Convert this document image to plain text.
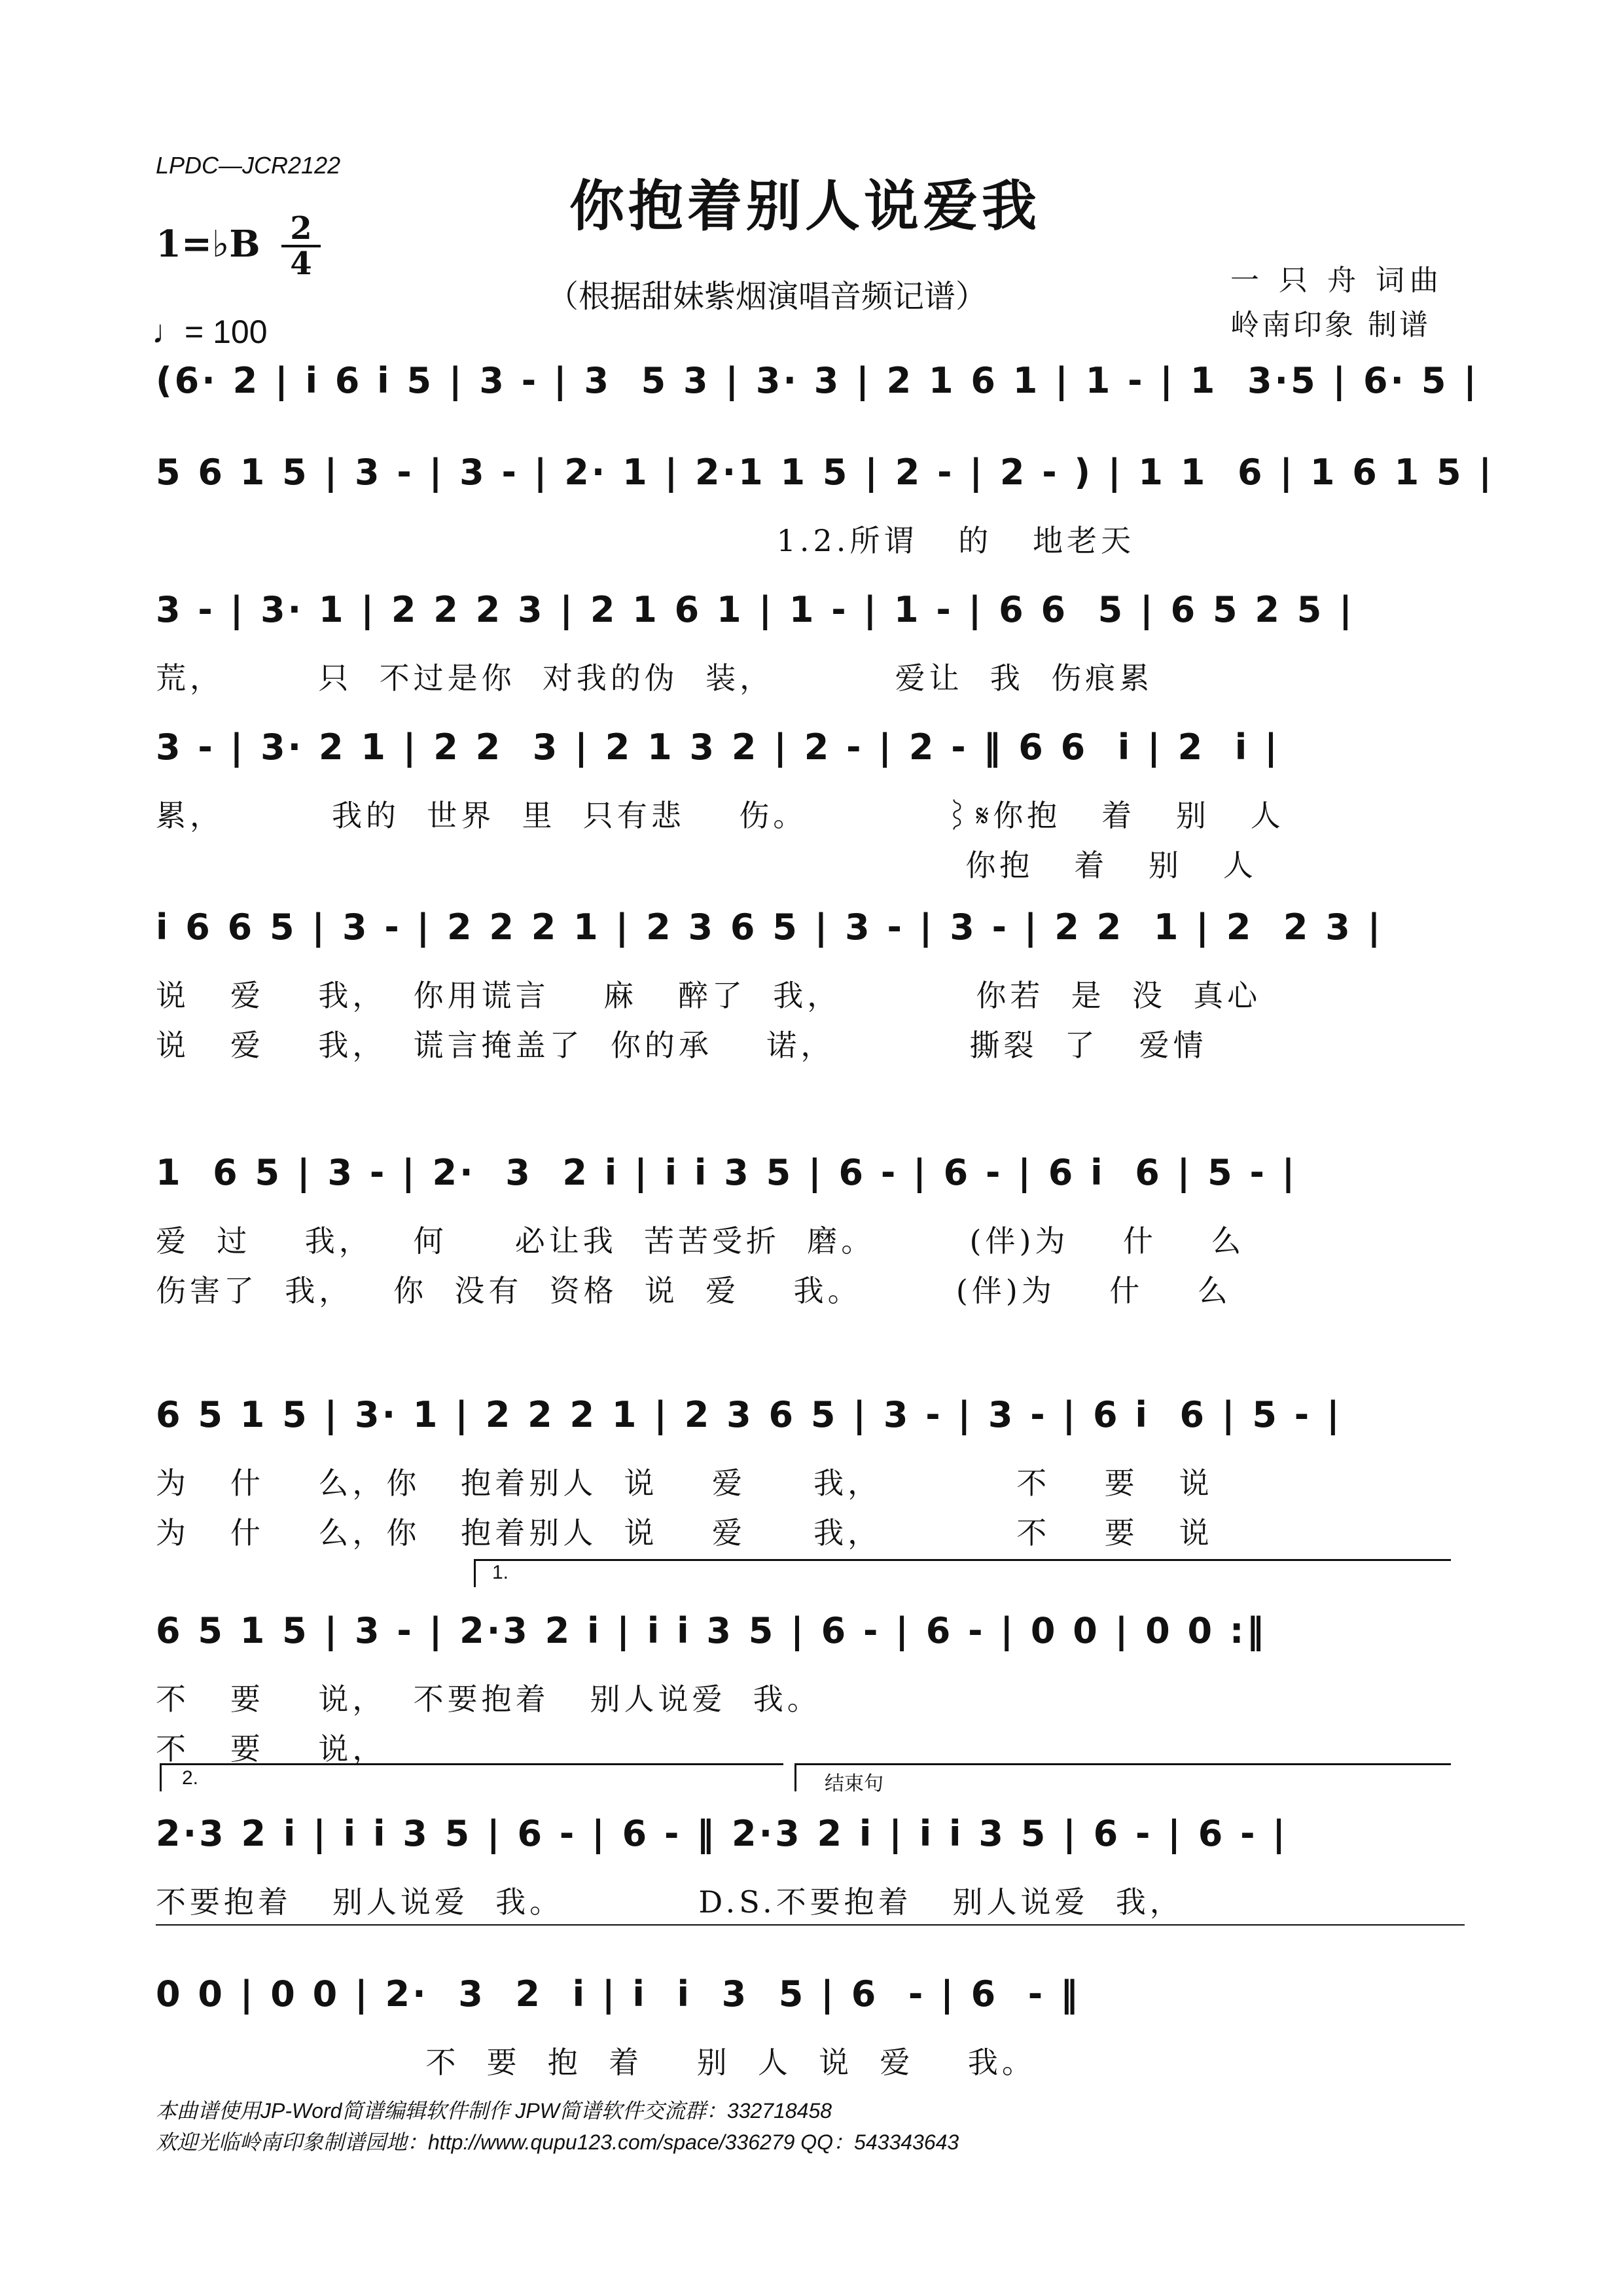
LPDC—JCR2122
你抱着别人说爱我
（根据甜妹紫烟演唱音频记谱）
1=♭B 2
4
♩= 100
一 只 舟 词曲
岭南印象 制谱
(6· 2 | i 6 i 5 | 3 - | 3  5 3 | 3· 3 | 2 1 6 1 | 1 - | 1  3·5 | 6· 5 |
5 6 1 5 | 3 - | 3 - | 2· 1 | 2·1 1 5 | 2 - | 2 - ) | 1 1  6 | 1 6 1 5 |
1.2.所谓   的   地老天
3 - | 3· 1 | 2 2 2 3 | 2 1 6 1 | 1 - | 1 - | 6 6  5 | 6 5 2 5 |
荒，       只  不过是你  对我的伪  装，         爱让  我  伤痕累
3 - | 3· 2 1 | 2 2  3 | 2 1 3 2 | 2 - | 2 - ‖ 6 6  i | 2  i |
累，        我的  世界  里  只有悲    伤。          ⌇𝄋你抱   着   别   人
你抱   着   别   人
i 6 6 5 | 3 - | 2 2 2 1 | 2 3 6 5 | 3 - | 3 - | 2 2  1 | 2  2 3 |
说   爱    我，  你用谎言    麻   醉了  我，          你若  是  没  真心
说   爱    我，  谎言掩盖了  你的承    诺，          撕裂  了   爱情
1  6 5 | 3 - | 2·  3  2 i | i i 3 5 | 6 - | 6 - | 6 i  6 | 5 - |
爱  过    我，   何     必让我  苦苦受折  磨。       (伴)为    什    么
伤害了  我，   你  没有  资格  说  爱    我。       (伴)为    什    么
6 5 1 5 | 3· 1 | 2 2 2 1 | 2 3 6 5 | 3 - | 3 - | 6 i  6 | 5 - |
为   什    么，你   抱着别人  说    爱     我，          不    要   说
为   什    么，你   抱着别人  说    爱     我，          不    要   说
6 5 1 5 | 3 - | 2·3 2 i | i i 3 5 | 6 - | 6 - | 0 0 | 0 0 :‖
不   要    说，  不要抱着   别人说爱  我。
不   要    说，
2·3 2 i | i i 3 5 | 6 - | 6 - ‖ 2·3 2 i | i i 3 5 | 6 - | 6 - |
不要抱着   别人说爱  我。          D.S.不要抱着   别人说爱  我，
0 0 | 0 0 | 2·  3  2  i | i  i  3  5 | 6  - | 6  - ‖
不  要  抱  着    别  人  说  爱    我。
1.
2.	结束句
本曲谱使用JP-Word简谱编辑软件制作 JPW简谱软件交流群：332718458
欢迎光临岭南印象制谱园地：http://www.qupu123.com/space/336279 QQ：543343643
